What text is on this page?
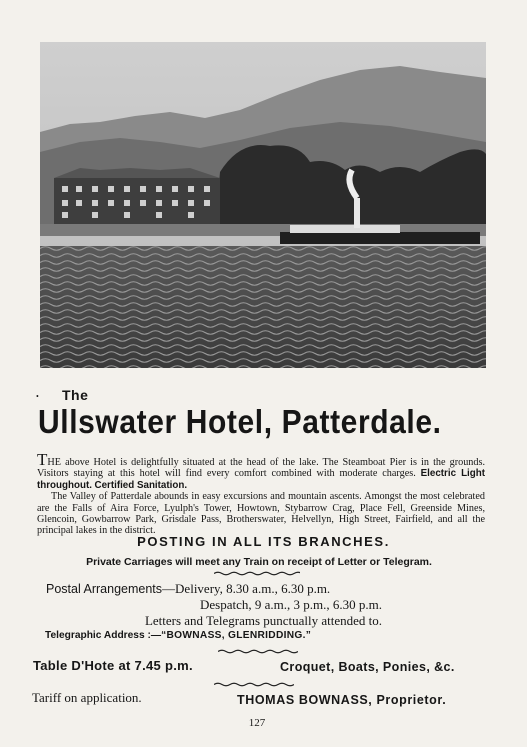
• The
Ullswater Hotel, Patterdale.

THE above Hotel is delightfully situated at the head of the lake. The Steamboat Pier is in the grounds. Visitors staying at this hotel will find every comfort combined with moderate charges. Electric Light throughout. Certified Sanitation.

The Valley of Patterdale abounds in easy excursions and mountain ascents. Amongst the most celebrated are the Falls of Aira Force, Lyulph's Tower, Howtown, Stybarrow Crag, Place Fell, Greenside Mines, Glencoin, Gowbarrow Park, Grisdale Pass, Brotherswater, Helvellyn, High Street, Fairfield, and all the principal lakes in the district.

POSTING IN ALL ITS BRANCHES.
Private Carriages will meet any Train on receipt of Letter or Telegram.
Postal Arrangements—Delivery, 8.30 a.m., 6.30 p.m.
Despatch, 9 a.m., 3 p.m., 6.30 p.m.
Letters and Telegrams punctually attended to.
Telegraphic Address :—“BOWNASS, GLENRIDDING.”
Table D'Hote at 7.45 p.m.	Croquet, Boats, Ponies, &c.
Tariff on application.	THOMAS BOWNASS, Proprietor.
127
